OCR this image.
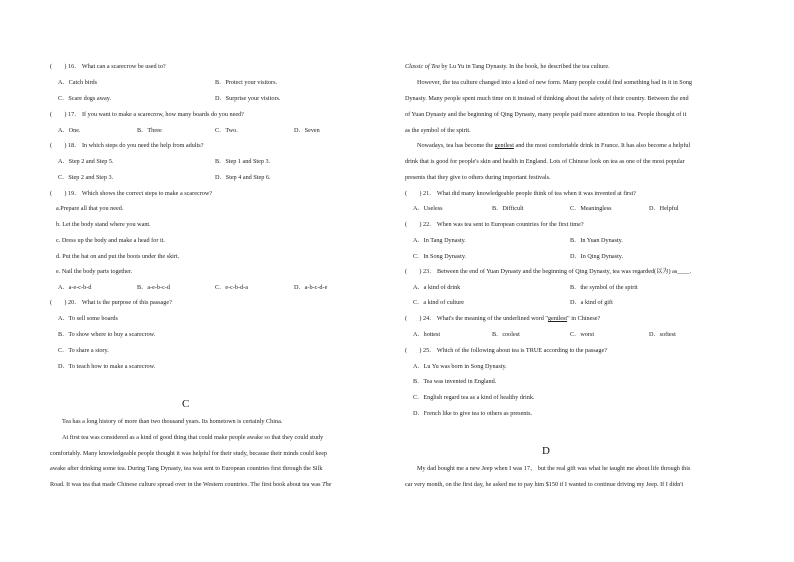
(　　) 16． What can a scarecrow be used to?
A．Catch birds	B．Protect your visitors.
C．Scare dogs away.	D．Surprise your visitors.
(　　) 17． If you want to make a scarecrow, how many boards do you need?
A．One.	B．Three	C．Two.	D．Seven
(　　) 18． In which steps do you need the help from adults?
A．Step 2 and Step 5.	B．Step 1 and Step 3.
C．Step 2 and Step 3.	D．Step 4 and Step 6.
(　　) 19． Which shows the correct steps to make a scarecrow?
a.Prepare all that you need.
b. Let the body stand where you want.
c. Dress up the body and make a head for it.
d. Put the hat on and put the boots under the skirt.
e. Nail the body parts together.
A．a-e-c-b-d	B．a-e-b-c-d	C．e-c-b-d-a	D．a-b-c-d-e
(　　) 20． What is the purpose of this passage?
A．To sell some boards
B．To show where to buy a scarecrow.
C．To share a story.
D．To teach how to make a scarecrow.
C
Tea has a long history of more than two thousand years. Its hometown is certainly China.
At first tea was considered as a kind of good thing that could make people awake so that they could study
comfortably. Many knowledgeable people thought it was helpful for their study, because their minds could keep
awake after drinking some tea. During Tang Dynasty, tea was sent to European countries first through the Silk
Road. It was tea that made Chinese culture spread over in the Western countries. The first book about tea was The
Classic of Tea by Lu Yu in Tang Dynasty. In the book, he described the tea culture.
However, the tea culture changed into a kind of new form. Many people could find something bad in it in Song
Dynasty. Many people spent much time on it instead of thinking about the safety of their country. Between the end
of Yuan Dynasty and the beginning of Qing Dynasty, many people paid more attention to tea. People thought of it
as the symbol of the spirit.
Nowadays, tea has become the gentlest and the most comfortable drink in France. It has also become a helpful
drink that is good for people's skin and health in England. Lots of Chinese look on tea as one of the most popular
presents that they give to others during important festivals.
(　　) 21． What did many knowledgeable people think of tea when it was invented at first?
A．Useless	B．Difficult	C．Meaningless	D．Helpful
(　　) 22． When was tea sent to European countries for the first time?
A．In Tang Dynasty.	B．In Yuan Dynasty.
C．In Song Dynasty.	D．In Qing Dynasty.
(　　) 23． Between the end of Yuan Dynasty and the beginning of Qing Dynasty, tea was regarded(以为) as____.
A．a kind of drink	B．the symbol of the spirit
C．a kind of culture	D．a kind of gift
(　　) 24． What's the meaning of the underlined word "gentlest" in Chinese?
A．hottest	B．coolest	C．worst	D．softest
(　　) 25． Which of the following about tea is TRUE according to the passage?
A．Lu Yu was born in Song Dynasty.
B．Tea was invented in England.
C．English regard tea as a kind of healthy drink.
D．French like to give tea to others as presents.
D
My dad bought me a new Jeep when I was 17， but the real gift was what he taught me about life through this
car very month, on the first day, he asked me to pay him $150 if I wanted to continue driving my Jeep. If I didn't
